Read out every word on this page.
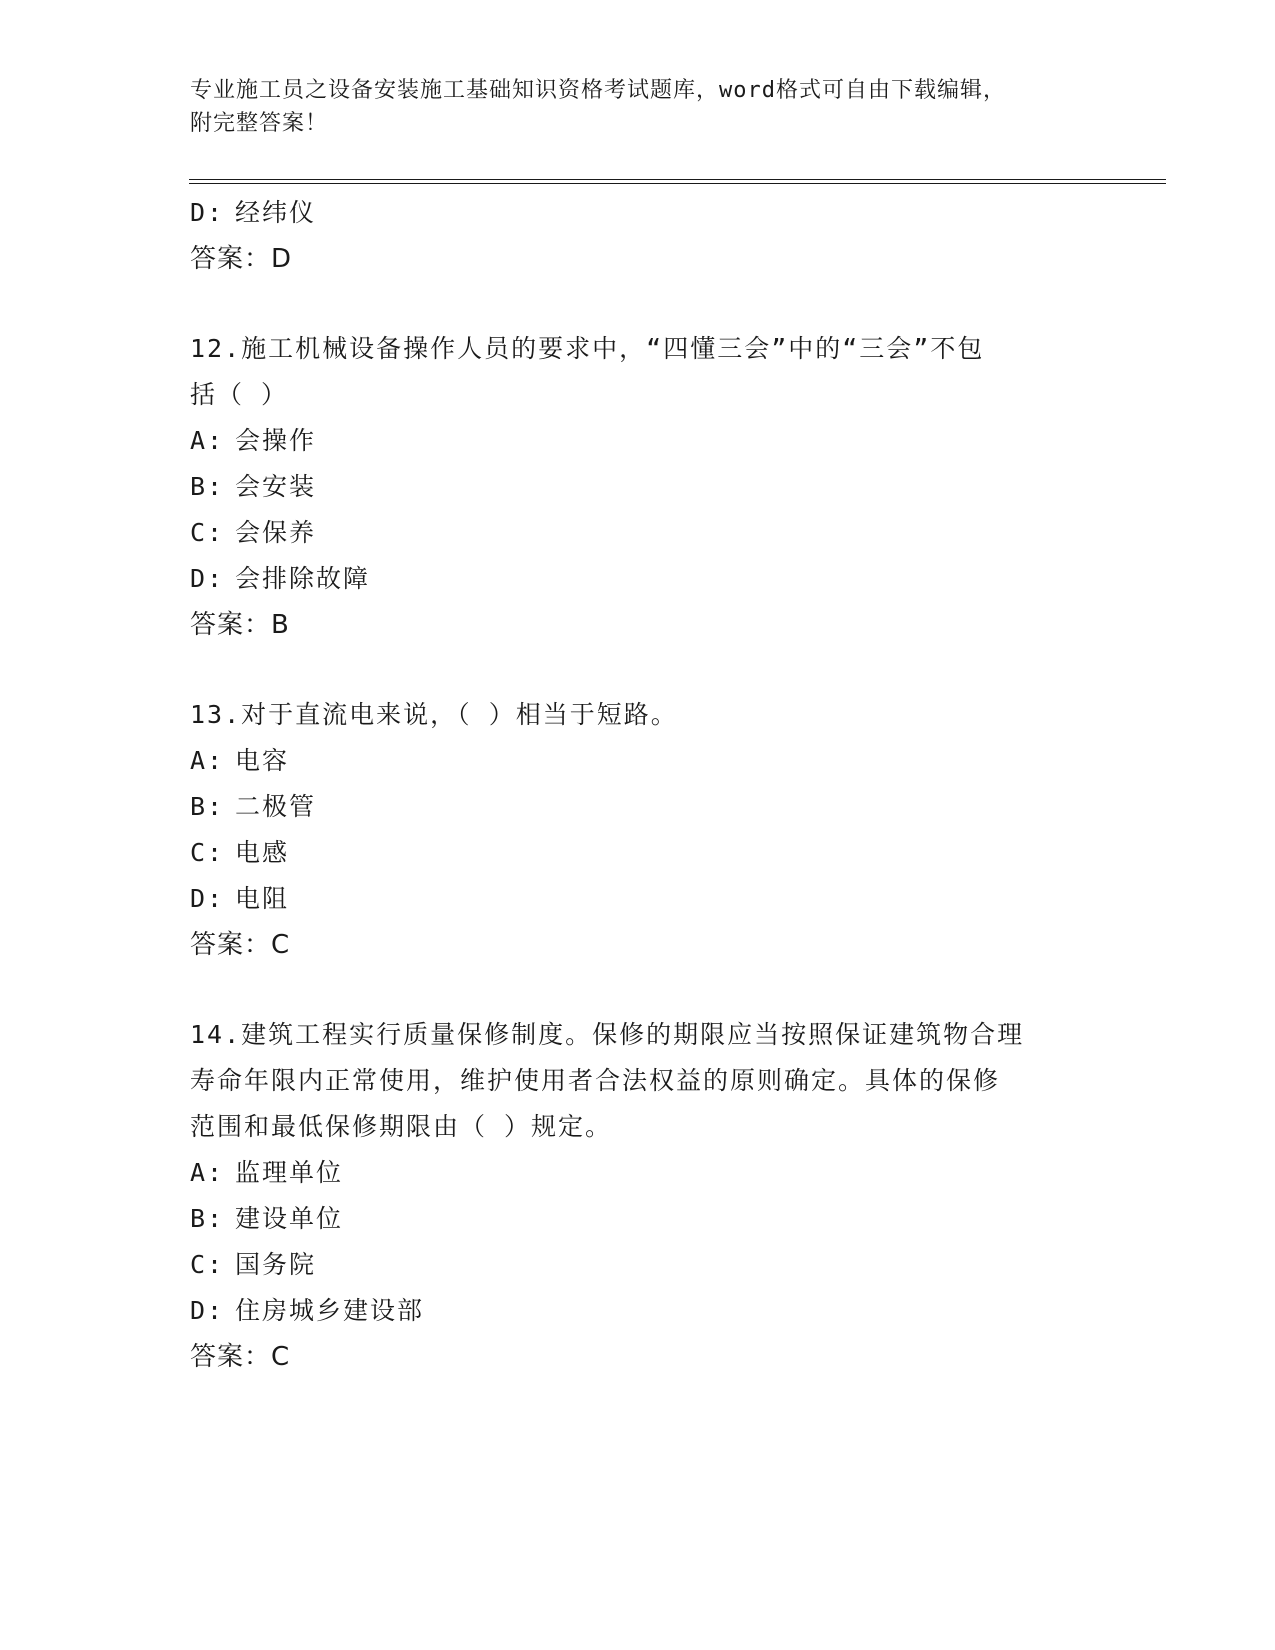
专业施工员之设备安装施工基础知识资格考试题库，word格式可自由下载编辑，
附完整答案！
D: 经纬仪
答案：D
12.施工机械设备操作人员的要求中，“四懂三会”中的“三会”不包
括（ ）
A: 会操作
B: 会安装
C: 会保养
D: 会排除故障
答案：B
13.对于直流电来说，（ ）相当于短路。
A: 电容
B: 二极管
C: 电感
D: 电阻
答案：C
14.建筑工程实行质量保修制度。保修的期限应当按照保证建筑物合理
寿命年限内正常使用，维护使用者合法权益的原则确定。具体的保修
范围和最低保修期限由（ ）规定。
A: 监理单位
B: 建设单位
C: 国务院
D: 住房城乡建设部
答案：C
